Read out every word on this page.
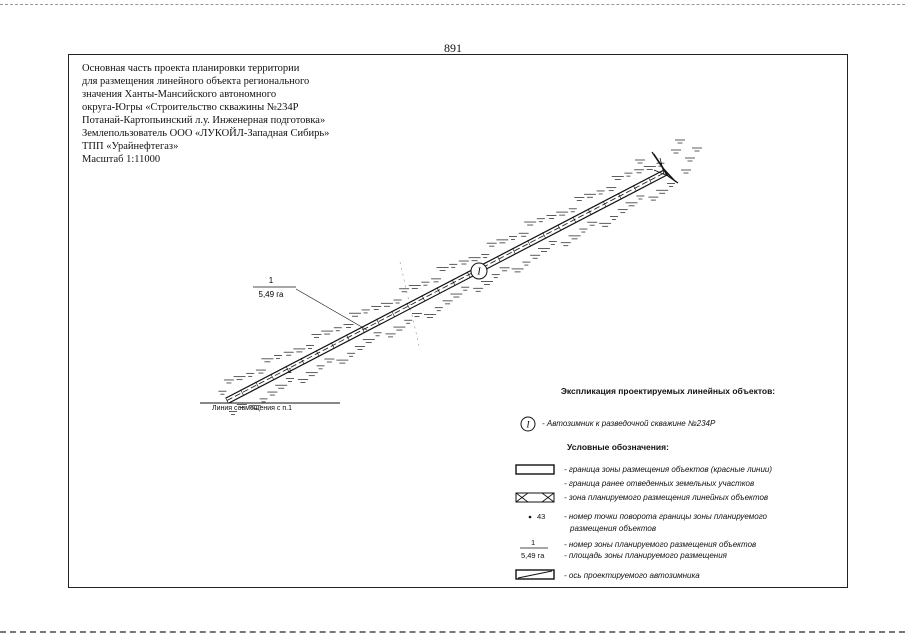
891
Основная часть проекта планировки территории
для размещения линейного объекта регионального
значения Ханты-Мансийского автономного
округа-Югры «Строительство скважины №234Р
Потанай-Картопьинский л.у. Инженерная подготовка»
Землепользователь ООО «ЛУКОЙЛ-Западная Сибирь»
ТПП «Урайнефтегаз»
Масштаб 1:11000
I
1
1
5,49 га
I
Линия совмещения с п.1
Экспликация проектируемых линейных объектов:
- Автозимник к разведочной скважине №234Р
Условные обозначения:
- граница зоны размещения объектов (красные линии)
- граница ранее отведенных земельных участков
- зона планируемого размещения линейных объектов
43 - номер точки поворота границы зоны планируемого
размещения объектов
1
5,49 га
- номер зоны планируемого размещения объектов
- площадь зоны планируемого размещения
- ось проектируемого автозимника
